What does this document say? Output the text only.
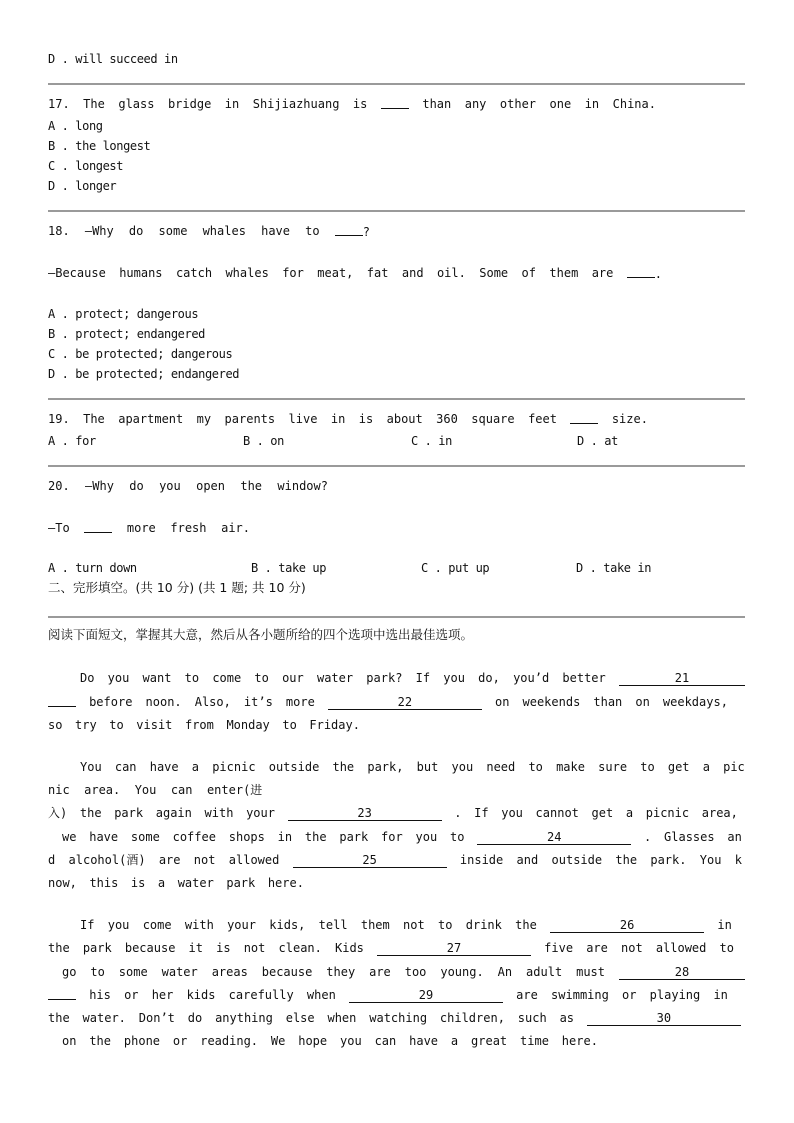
D . will succeed in
17. The glass bridge in Shijiazhuang is	than any other one in China.
A . long
B . the longest
C . longest
D . longer
18. —Why do some whales have to	?
—Because humans catch whales for meat, fat and oil. Some of them are	.
A . protect; dangerous
B . protect; endangered
C . be protected; dangerous
D . be protected; endangered
19. The apartment my parents live in is about 360 square feet	size.
A . for	B . on	C . in	D . at
20. —Why do you open the window?
—To	more fresh air.
A . turn down	B . take up	C . put up	D . take in
二、完形填空。(共 10 分) (共 1 题; 共 10 分)
阅读下面短文，掌握其大意，然后从各小题所给的四个选项中选出最佳选项。
Do you want to come to our water park? If you do, you’d better	21
before noon. Also, it’s more	22	on weekends than on weekdays,
so try to visit from Monday to Friday.
You can have a picnic outside the park, but you need to make sure to get a pic
nic  area.  You  can  enter(进
入) the park again with your	23	. If you cannot get a picnic area,
we have some coffee shops in the park for you to	24	. Glasses an
d alcohol(酒) are not allowed	25	inside and outside the park. You k
now, this is a water park here.
If you come with your kids, tell them not to drink the	26	in
the park because it is not clean. Kids	27	five are not allowed to
go to some water areas because they are too young. An adult must	28
his or her kids carefully when	29	are swimming or playing in
the water. Don’t do anything else when watching children, such as	30
on the phone or reading. We hope you can have a great time here.
